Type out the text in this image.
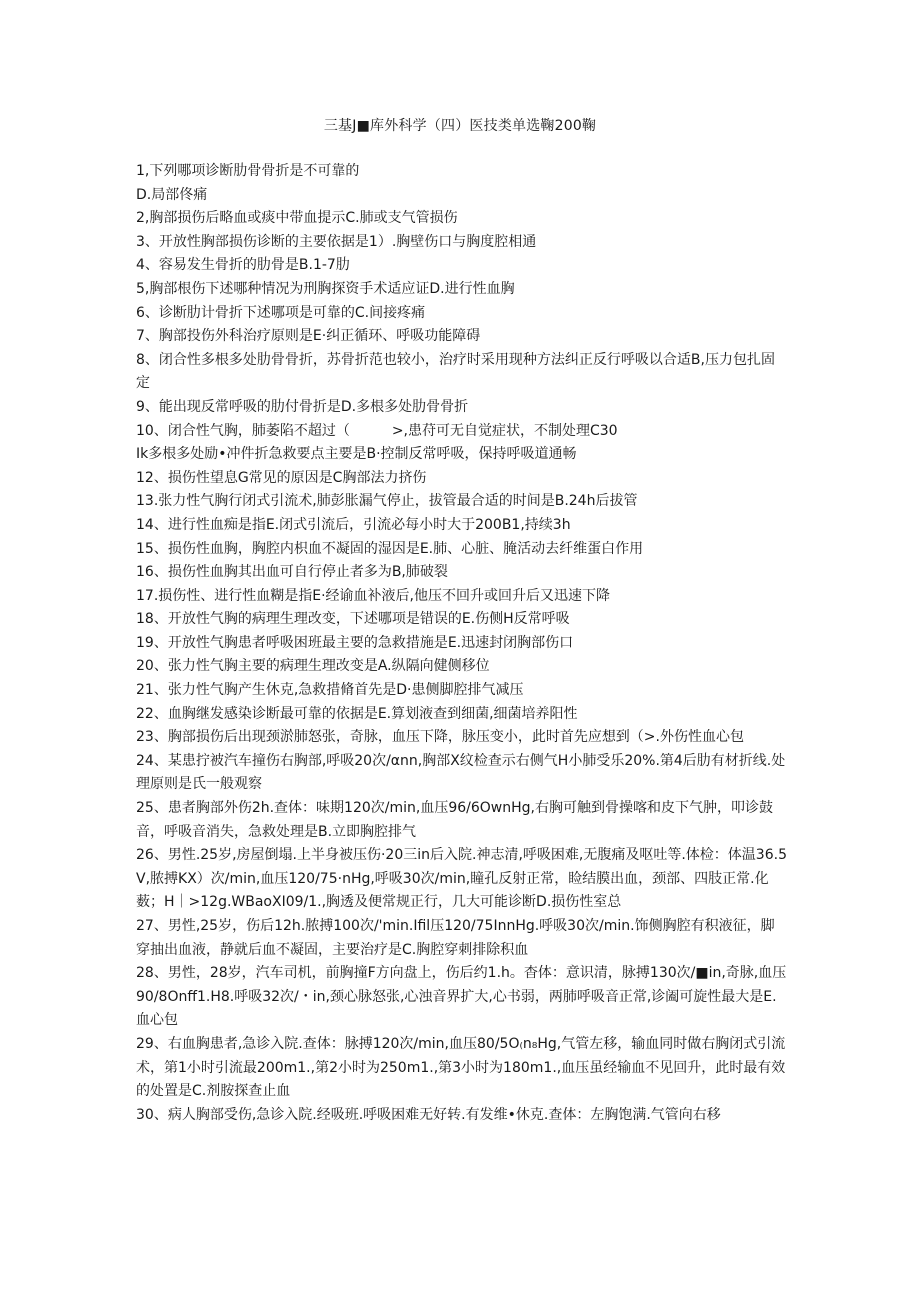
三基J■库外科学（四）医技类单选鞠200鞠

1,下列哪项诊断肋骨骨折是不可靠的

D.局部佟痛

2,胸部损伤后略血或痰中带血提示C.肺或支气管损伤

3、开放性胸部损伤诊断的主要依据是1）.胸壁伤口与胸度腔相通

4、容易发生骨折的肋骨是B.1-7肋

5,胸部根伤下述哪种情况为刑胸探资手术适应证D.进行性血胸

6、诊断肋计骨折下述哪项是可靠的C.间接疼痛

7、胸部投伤外科治疗原则是E·纠正循环、呼吸功能障碍

8、闭合性多根多处肋骨骨折，苏骨折范也较小，治疗时采用现种方法纠正反行呼吸以合适B,压力包扎固定

9、能出现反常呼吸的肋付骨折是D.多根多处肋骨骨折

10、闭合性气胸，肺萎陷不超过（　　　>,患苻可无自觉症状，不制处理C30

Ik多根多处励•冲件折急救要点主要是B·控制反常呼吸，保持呼吸道通畅

12、损伤性望息G常见的原因是C胸部法力挤伤

13.张力性气胸行闭式引流术,肺彭胀漏气停止，拔管最合适的时间是B.24h后拔管

14、进行性血痴是指E.闭式引流后，引流必每小时大于200B1,持续3h

15、损伤性血胸，胸腔内枳血不凝固的湿因是E.肺、心脏、腌活动去纤维蛋白作用

16、损伤性血胸其出血可自行停止者多为B,肺破裂

17.损伤性、进行性血糊是指E·经谕血补液后,他压不回升或回升后又迅速下降

18、开放性气胸的病理生理改变，下述哪项是错误的E.伤侧H反常呼吸

19、开放性气胸患者呼吸困班最主要的急救措施是E.迅速封闭胸部伤口

20、张力性气胸主要的病理生理改变是A.纵隔向健侧移位

21、张力性气胸产生休克,急救措脩首先是D·患侧脚腔排气减压

22、血胸继发感染诊断最可靠的依据是E.算划液查到细菌,细菌培养阳性

23、胸部损伤后出现颈淤肺怒张，奇脉，血压下降，脉压变小，此时首先应想到（>.外伤性血心包

24、某患拧被汽车撞伤右胸部,呼吸20次/αnn,胸部X纹检查示右侧气H小肺受乐20%.第4后肋有材折线.处理原则是氏一般观察

25、患者胸部外伤2h.查体：味期120次/min,血压96/6OwnHg,右胸可触到骨操喀和皮下气肿，叩诊鼓音，呼吸音消失，急救处理是B.立即胸腔排气

26、男性.25岁,房屋倒塌.上半身被压伤·20三in后入院.神志清,呼吸困难,无腹痛及呕吐等.体检：体温36.5V,脓搏KX）次/min,血压120/75·nHg,呼吸30次/min,瞳孔反射正常，睑结膜出血，颈部、四肢正常.化薮；H｜>12g.WBaoXI09/1.,胸透及便常规正行，几大可能诊断D.损伤性室总

27、男性,25岁，伤后12h.脓搏100次/'min.Ifil压120/75InnHg.呼吸30次/min.饰侧胸腔有积液征，脚穿抽出血液，静就后血不凝固，主要治疗是C.胸腔穿刺排除积血

28、男性，28岁，汽车司机，前胸撞F方向盘上，伤后约1.h。杳体：意识清，脉搏130次/■in,奇脉,血压90/8Onff1.H8.呼吸32次/・in,颈心脉怒张,心浊音界扩大,心书弱，两肺呼吸音正常,诊阖可旋性最大是E.血心包

29、右血胸患者,急诊入院.查体：脉搏120次/min,血压80/5O₍n₈Hg,气管左移，输血同时做右胸闭式引流术，第1小时引流最200m1.,第2小时为250m1.,第3小时为180m1.,血压虽经输血不见回升，此时最有效的处置是C.剂胺探查止血

30、病人胸部受伤,急诊入院.经吸班.呼吸困难无好转.有发维•休克.查体：左胸饱满.气管向右移
